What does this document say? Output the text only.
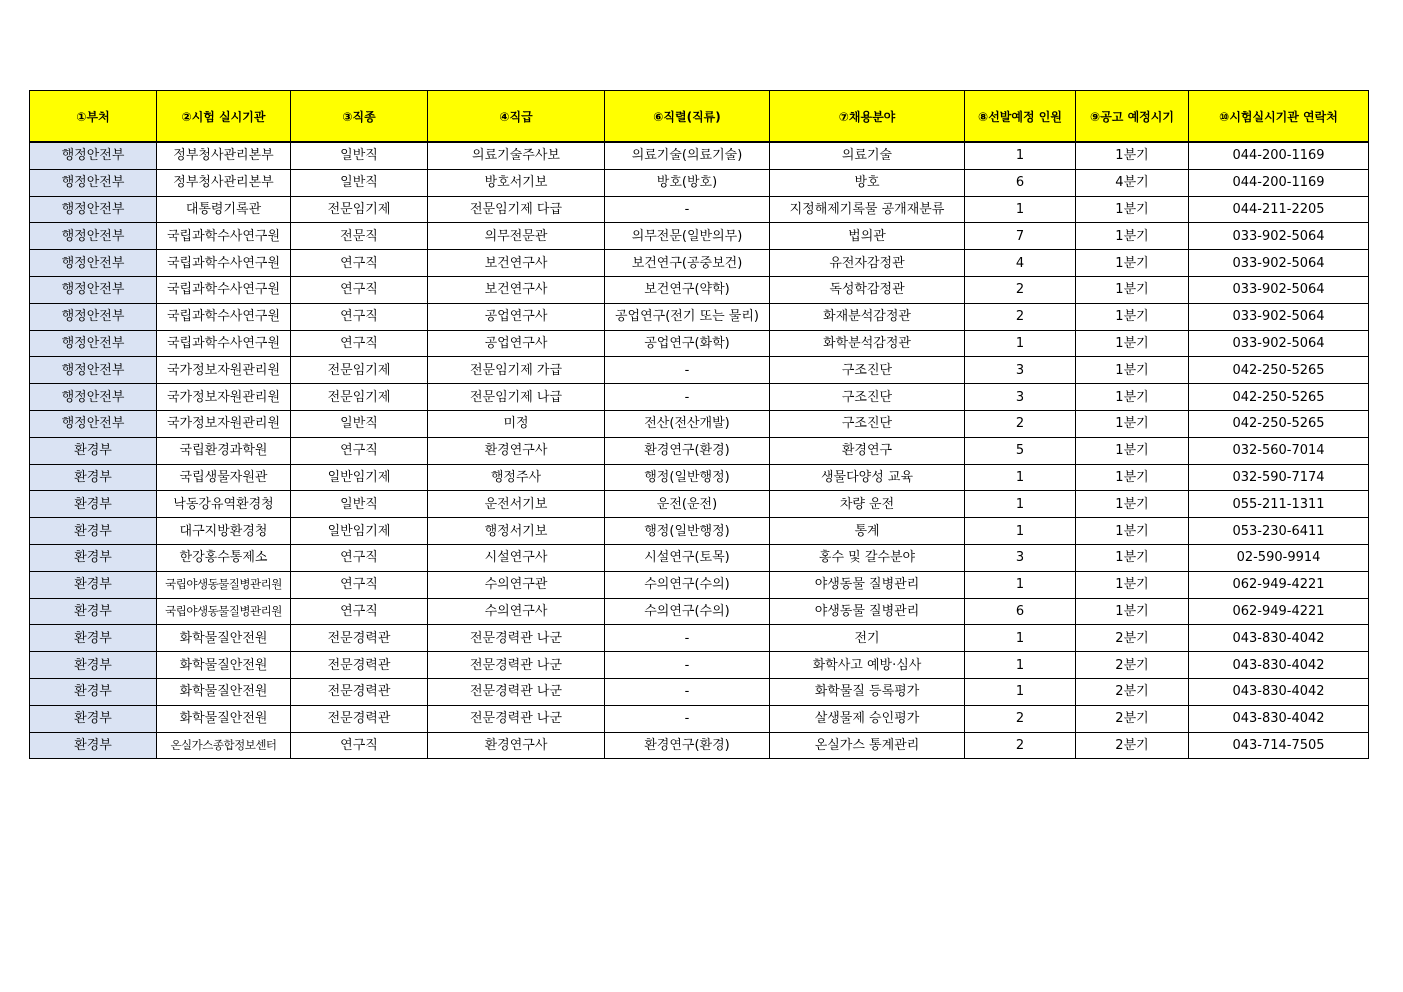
①부처	②시험 실시기관	③직종	④직급	⑥직렬(직류)	⑦채용분야	⑧선발예정 인원	⑨공고 예정시기	⑩시험실시기관 연락처
행정안전부	정부청사관리본부	일반직	의료기술주사보	의료기술(의료기술)	의료기술	1	1분기	044-200-1169
행정안전부	정부청사관리본부	일반직	방호서기보	방호(방호)	방호	6	4분기	044-200-1169
행정안전부	대통령기록관	전문임기제	전문임기제 다급	-	지정해제기록물 공개재분류	1	1분기	044-211-2205
행정안전부	국립과학수사연구원	전문직	의무전문관	의무전문(일반의무)	법의관	7	1분기	033-902-5064
행정안전부	국립과학수사연구원	연구직	보건연구사	보건연구(공중보건)	유전자감정관	4	1분기	033-902-5064
행정안전부	국립과학수사연구원	연구직	보건연구사	보건연구(약학)	독성학감정관	2	1분기	033-902-5064
행정안전부	국립과학수사연구원	연구직	공업연구사	공업연구(전기 또는 물리)	화재분석감정관	2	1분기	033-902-5064
행정안전부	국립과학수사연구원	연구직	공업연구사	공업연구(화학)	화학분석감정관	1	1분기	033-902-5064
행정안전부	국가정보자원관리원	전문임기제	전문임기제 가급	-	구조진단	3	1분기	042-250-5265
행정안전부	국가정보자원관리원	전문임기제	전문임기제 나급	-	구조진단	3	1분기	042-250-5265
행정안전부	국가정보자원관리원	일반직	미정	전산(전산개발)	구조진단	2	1분기	042-250-5265
환경부	국립환경과학원	연구직	환경연구사	환경연구(환경)	환경연구	5	1분기	032-560-7014
환경부	국립생물자원관	일반임기제	행정주사	행정(일반행정)	생물다양성 교육	1	1분기	032-590-7174
환경부	낙동강유역환경청	일반직	운전서기보	운전(운전)	차량 운전	1	1분기	055-211-1311
환경부	대구지방환경청	일반임기제	행정서기보	행정(일반행정)	통계	1	1분기	053-230-6411
환경부	한강홍수통제소	연구직	시설연구사	시설연구(토목)	홍수 및 갈수분야	3	1분기	02-590-9914
환경부	국립야생동물질병관리원	연구직	수의연구관	수의연구(수의)	야생동물 질병관리	1	1분기	062-949-4221
환경부	국립야생동물질병관리원	연구직	수의연구사	수의연구(수의)	야생동물 질병관리	6	1분기	062-949-4221
환경부	화학물질안전원	전문경력관	전문경력관 나군	-	전기	1	2분기	043-830-4042
환경부	화학물질안전원	전문경력관	전문경력관 나군	-	화학사고 예방·심사	1	2분기	043-830-4042
환경부	화학물질안전원	전문경력관	전문경력관 나군	-	화학물질 등록평가	1	2분기	043-830-4042
환경부	화학물질안전원	전문경력관	전문경력관 나군	-	살생물제 승인평가	2	2분기	043-830-4042
환경부	온실가스종합정보센터	연구직	환경연구사	환경연구(환경)	온실가스 통계관리	2	2분기	043-714-7505
